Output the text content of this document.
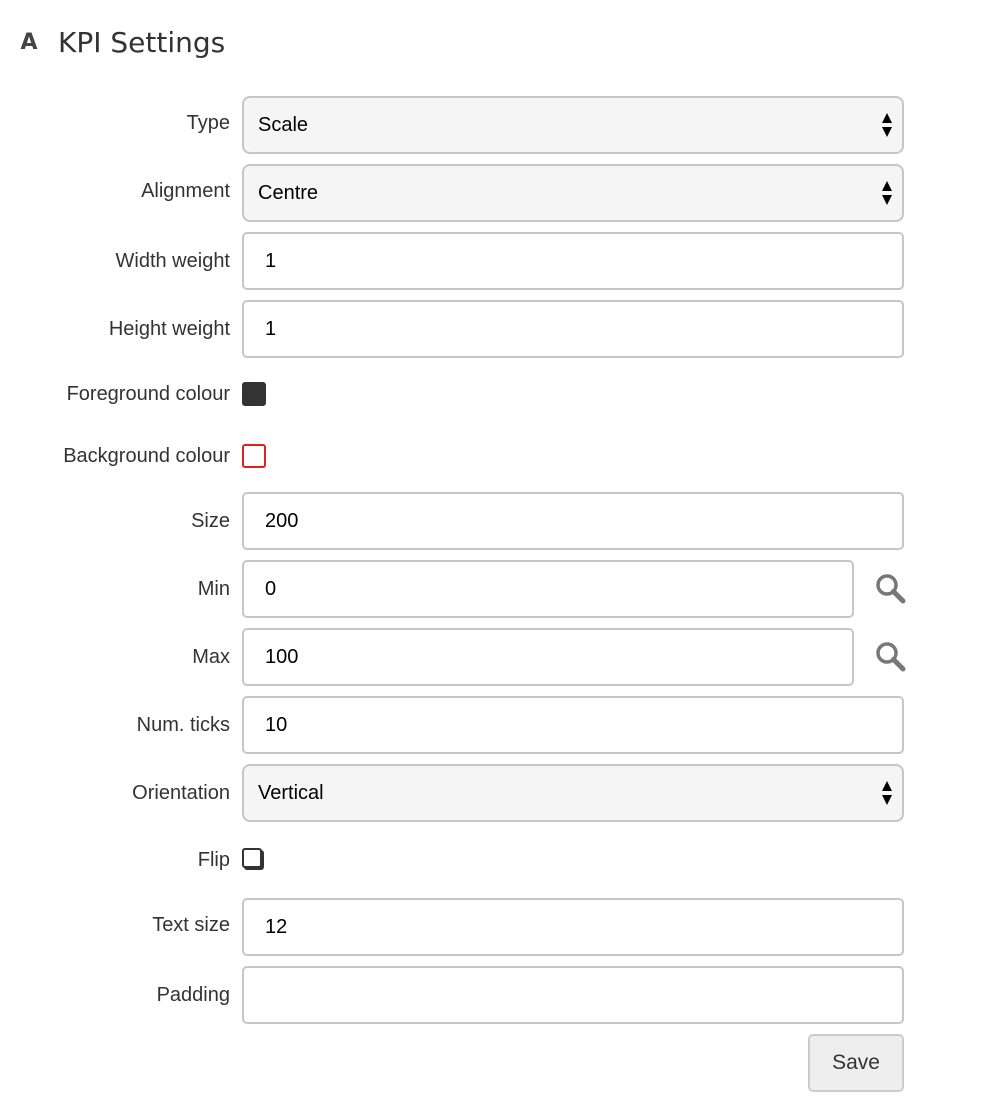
A KPI Settings
Type Scale
Alignment Centre
Width weight
1
Height weight
1
Foreground colour
Background colour
Size
200
Min
0
Max
100
Num. ticks
10
Orientation Vertical
Flip
Text size
12
Padding
Save
